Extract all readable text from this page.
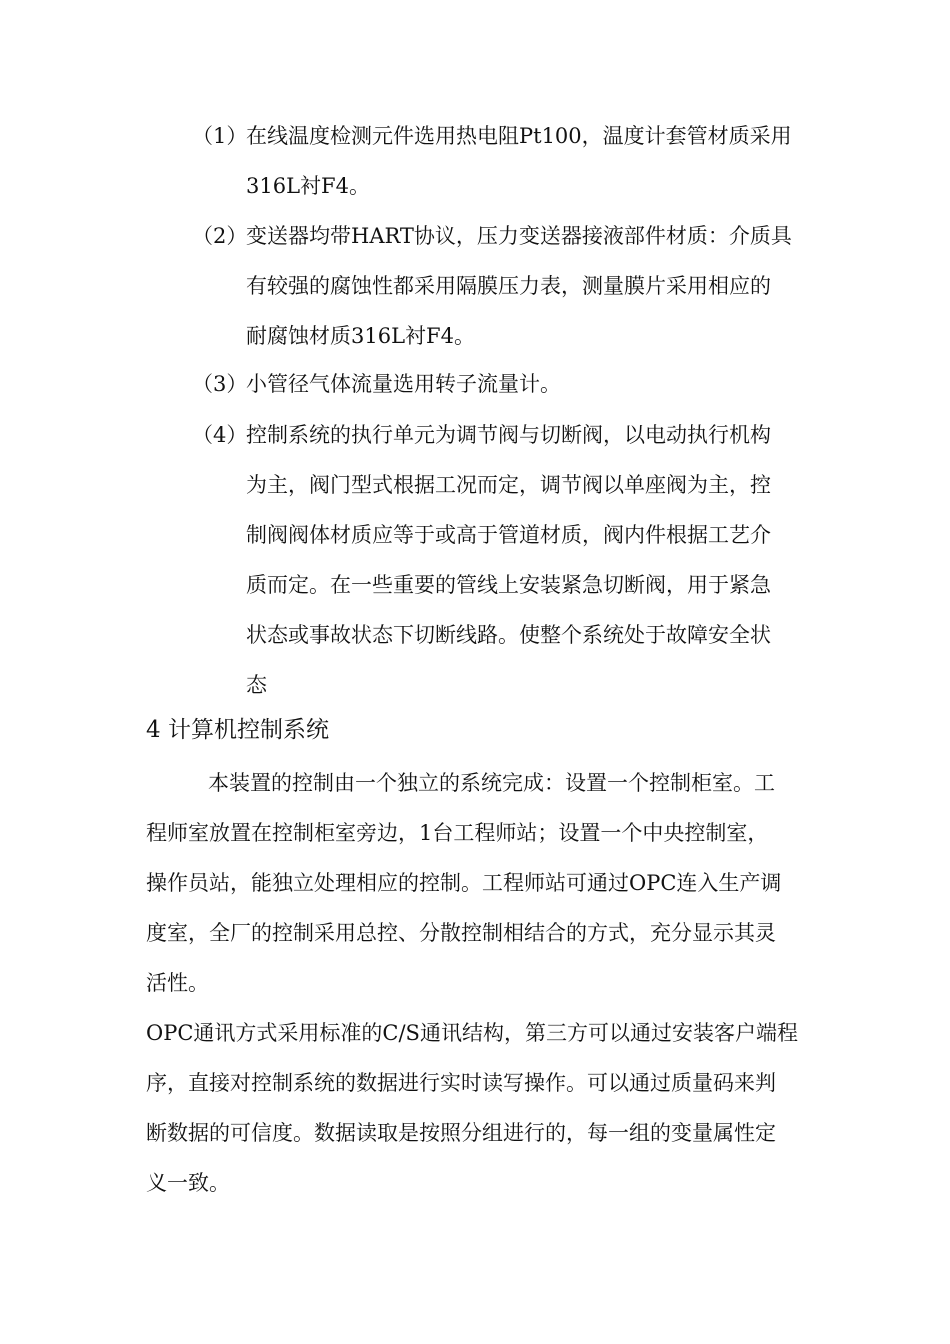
（1）
在线温度检测元件选用热电阻Pt100，温度计套管材质采用
316L衬F4。
（2）
变送器均带HART协议，压力变送器接液部件材质：介质具
有较强的腐蚀性都采用隔膜压力表，测量膜片采用相应的
耐腐蚀材质316L衬F4。
（3）
小管径气体流量选用转子流量计。
（4）
控制系统的执行单元为调节阀与切断阀，以电动执行机构
为主，阀门型式根据工况而定，调节阀以单座阀为主，控
制阀阀体材质应等于或高于管道材质，阀内件根据工艺介
质而定。在一些重要的管线上安装紧急切断阀，用于紧急
状态或事故状态下切断线路。使整个系统处于故障安全状
态
4 计算机控制系统
本装置的控制由一个独立的系统完成：设置一个控制柜室。工
程师室放置在控制柜室旁边，1台工程师站；设置一个中央控制室，
操作员站，能独立处理相应的控制。工程师站可通过OPC连入生产调
度室，全厂的控制采用总控、分散控制相结合的方式，充分显示其灵
活性。
OPC通讯方式采用标准的C/S通讯结构，第三方可以通过安装客户端程
序，直接对控制系统的数据进行实时读写操作。可以通过质量码来判
断数据的可信度。数据读取是按照分组进行的，每一组的变量属性定
义一致。
